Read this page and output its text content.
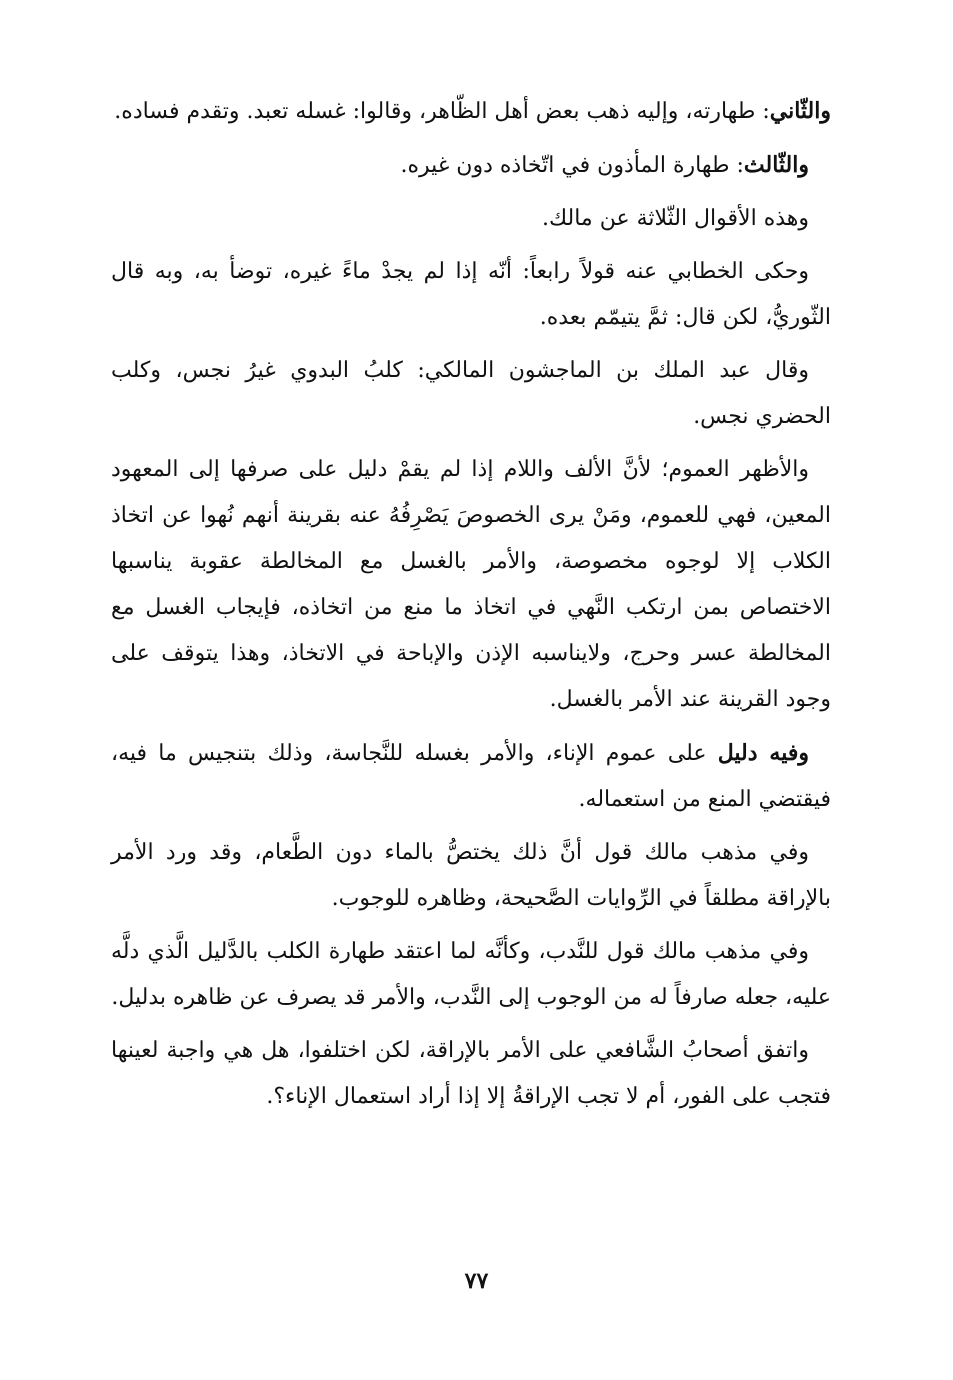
والثّاني: طهارته، وإليه ذهب بعض أهل الظّاهر، وقالوا: غسله تعبد. وتقدم فساده.

والثّالث: طهارة المأذون في اتّخاذه دون غيره.

وهذه الأقوال الثّلاثة عن مالك.

وحكى الخطابي عنه قولاً رابعاً: أنّه إذا لم يجدْ ماءً غيره، توضأ به، وبه قال الثّوريُّ، لكن قال: ثمَّ يتيمّم بعده.

وقال عبد الملك بن الماجشون المالكي: كلبُ البدوي غيرُ نجس، وكلب الحضري نجس.

والأظهر العموم؛ لأنَّ الألف واللام إذا لم يقمْ دليل على صرفها إلى المعهود المعين، فهي للعموم، ومَنْ يرى الخصوصَ يَصْرِفُهُ عنه بقرينة أنهم نُهوا عن اتخاذ الكلاب إلا لوجوه مخصوصة، والأمر بالغسل مع المخالطة عقوبة يناسبها الاختصاص بمن ارتكب النَّهي في اتخاذ ما منع من اتخاذه، فإيجاب الغسل مع المخالطة عسر وحرج، ولايناسبه الإذن والإباحة في الاتخاذ، وهذا يتوقف على وجود القرينة عند الأمر بالغسل.

وفيه دليل على عموم الإناء، والأمر بغسله للنَّجاسة، وذلك بتنجيس ما فيه، فيقتضي المنع من استعماله.

وفي مذهب مالك قول أنَّ ذلك يختصُّ بالماء دون الطَّعام، وقد ورد الأمر بالإراقة مطلقاً في الرِّوايات الصَّحيحة، وظاهره للوجوب.

وفي مذهب مالك قول للنَّدب، وكأنَّه لما اعتقد طهارة الكلب بالدَّليل الَّذي دلَّه عليه، جعله صارفاً له من الوجوب إلى النَّدب، والأمر قد يصرف عن ظاهره بدليل.

واتفق أصحابُ الشَّافعي على الأمر بالإراقة، لكن اختلفوا، هل هي واجبة لعينها فتجب على الفور، أم لا تجب الإراقةُ إلا إذا أراد استعمال الإناء؟.

٧٧
